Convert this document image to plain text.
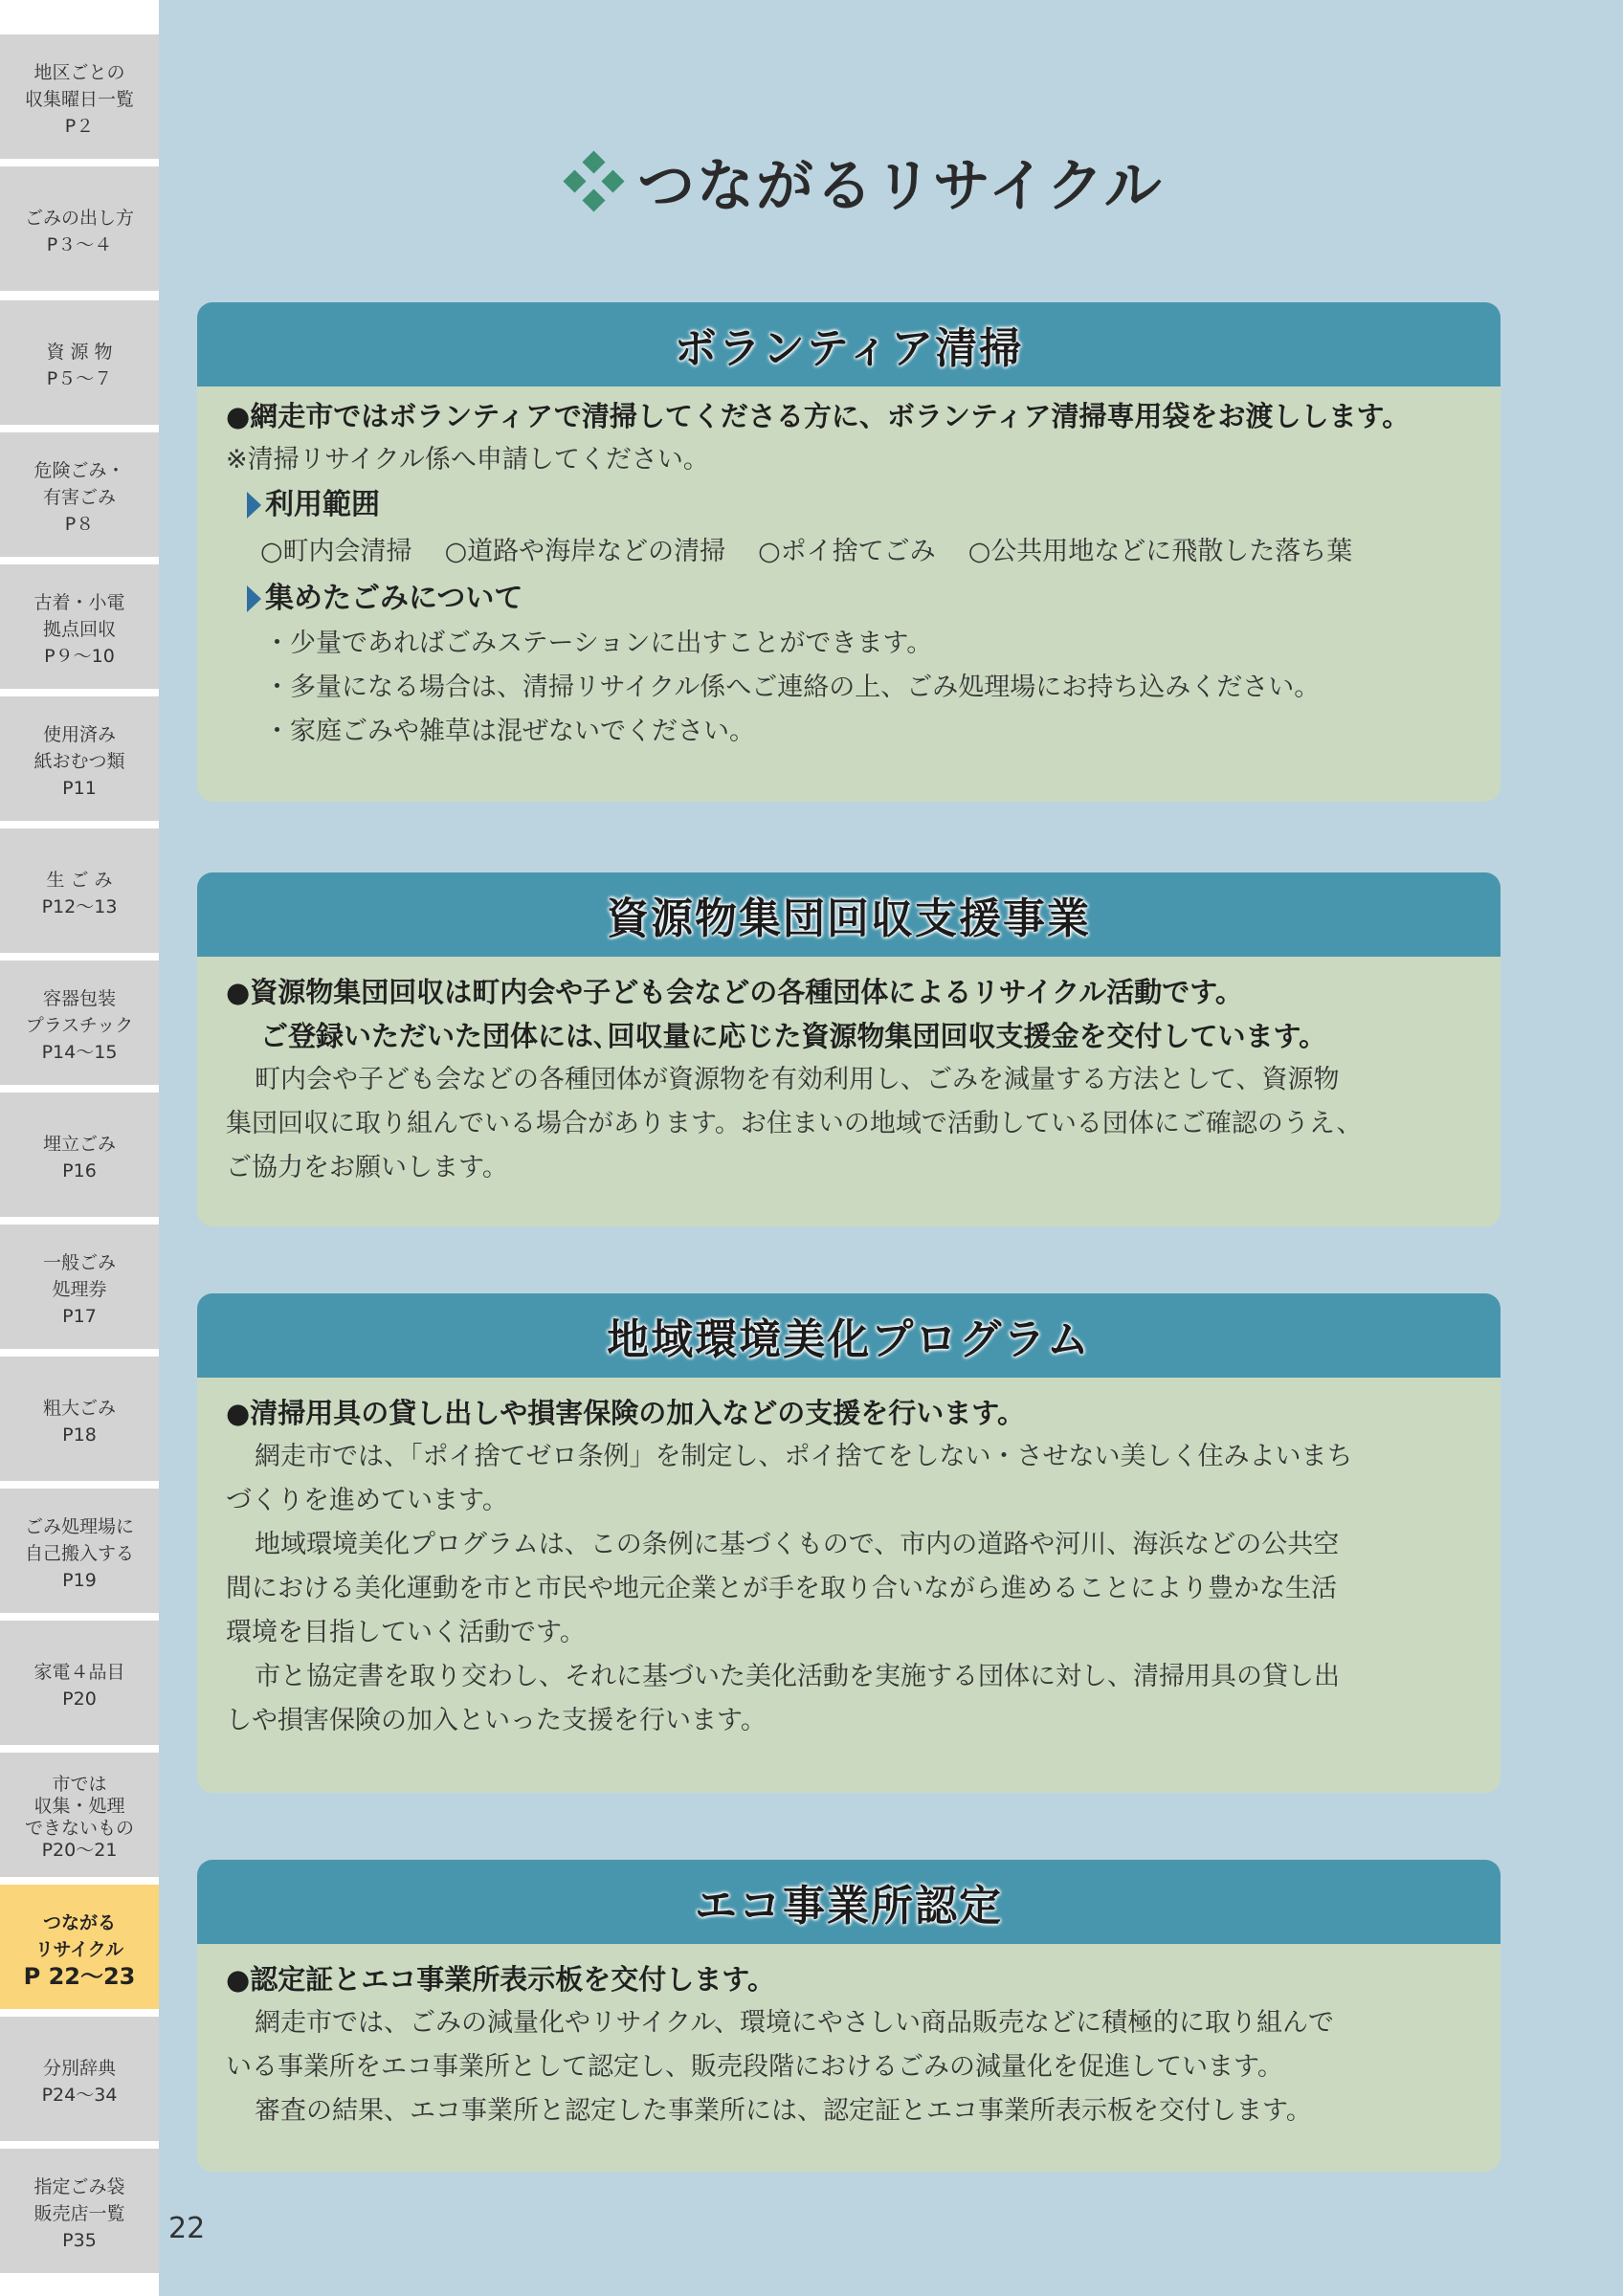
地区ごとの
収集曜日一覧
P２
ごみの出し方
P３～４
資 源 物
P５～７
危険ごみ・
有害ごみ
P８
古着・小電
拠点回収
P９～10
使用済み
紙おむつ類
P11
生 ご み
P12～13
容器包装
プラスチック
P14～15
埋立ごみ
P16
一般ごみ
処理券
P17
粗大ごみ
P18
ごみ処理場に
自己搬入する
P19
家電４品目
P20
市では
収集・処理
できないもの
P20～21
つながる
リサイクル
P 22～23
分別辞典
P24～34
指定ごみ袋
販売店一覧
P35	22
つながるリサイクル
ボランティア清掃
●網走市ではボランティアで清掃してくださる方に、ボランティア清掃専用袋をお渡しします。
※清掃リサイクル係へ申請してください。
利用範囲
○町内会清掃 ○道路や海岸などの清掃 ○ポイ捨てごみ ○公共用地などに飛散した落ち葉
集めたごみについて
・少量であればごみステーションに出すことができます。
・多量になる場合は、清掃リサイクル係へご連絡の上、ごみ処理場にお持ち込みください。
・家庭ごみや雑草は混ぜないでください。
資源物集団回収支援事業
●資源物集団回収は町内会や子ども会などの各種団体によるリサイクル活動です。
ご登録いただいた団体には､回収量に応じた資源物集団回収支援金を交付しています。
町内会や子ども会などの各種団体が資源物を有効利用し、ごみを減量する方法として、資源物
集団回収に取り組んでいる場合があります。お住まいの地域で活動している団体にご確認のうえ、
ご協力をお願いします。
地域環境美化プログラム
●清掃用具の貸し出しや損害保険の加入などの支援を行います。
網走市では、「ポイ捨てゼロ条例」を制定し、ポイ捨てをしない・させない美しく住みよいまち
づくりを進めています。
地域環境美化プログラムは、この条例に基づくもので、市内の道路や河川、海浜などの公共空
間における美化運動を市と市民や地元企業とが手を取り合いながら進めることにより豊かな生活
環境を目指していく活動です。
市と協定書を取り交わし、それに基づいた美化活動を実施する団体に対し、清掃用具の貸し出
しや損害保険の加入といった支援を行います。
エコ事業所認定
●認定証とエコ事業所表示板を交付します。
網走市では、ごみの減量化やリサイクル、環境にやさしい商品販売などに積極的に取り組んで
いる事業所をエコ事業所として認定し、販売段階におけるごみの減量化を促進しています。
審査の結果、エコ事業所と認定した事業所には、認定証とエコ事業所表示板を交付します。
